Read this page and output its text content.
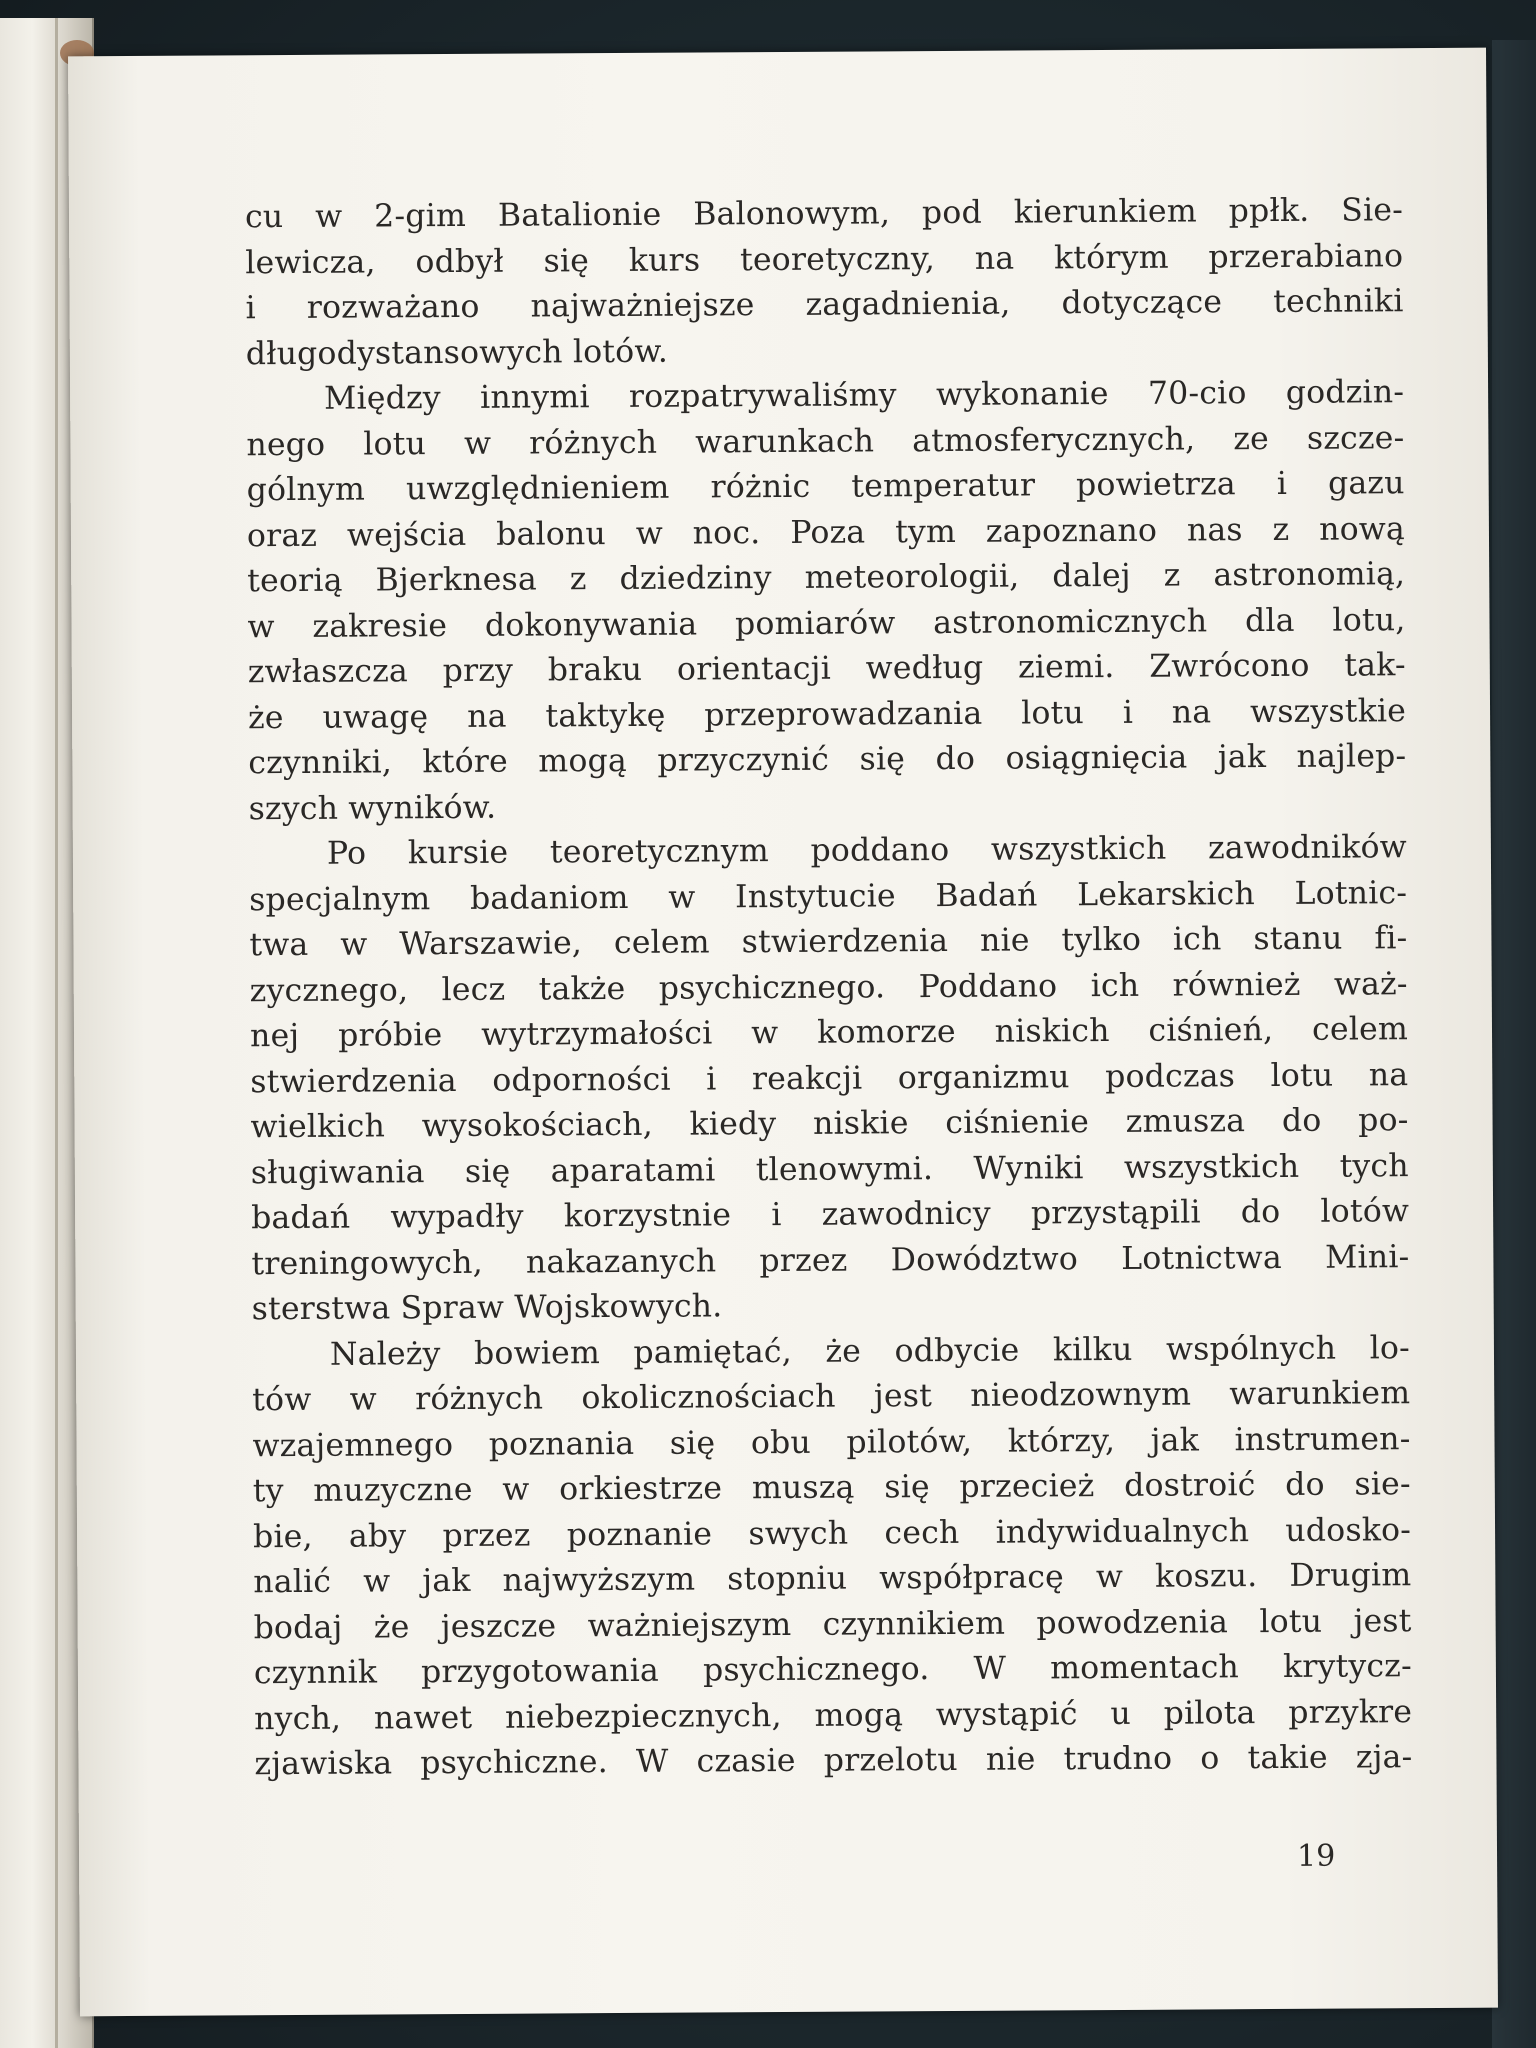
cu w 2-gim Batalionie Balonowym, pod kierunkiem ppłk. Sie-
lewicza, odbył się kurs teoretyczny, na którym przerabiano
i rozważano najważniejsze zagadnienia, dotyczące techniki
długodystansowych lotów.
Między innymi rozpatrywaliśmy wykonanie 70-cio godzin-
nego lotu w różnych warunkach atmosferycznych, ze szcze-
gólnym uwzględnieniem różnic temperatur powietrza i gazu
oraz wejścia balonu w noc. Poza tym zapoznano nas z nową
teorią Bjerknesa z dziedziny meteorologii, dalej z astronomią,
w zakresie dokonywania pomiarów astronomicznych dla lotu,
zwłaszcza przy braku orientacji według ziemi. Zwrócono tak-
że uwagę na taktykę przeprowadzania lotu i na wszystkie
czynniki, które mogą przyczynić się do osiągnięcia jak najlep-
szych wyników.
Po kursie teoretycznym poddano wszystkich zawodników
specjalnym badaniom w Instytucie Badań Lekarskich Lotnic-
twa w Warszawie, celem stwierdzenia nie tylko ich stanu fi-
zycznego, lecz także psychicznego. Poddano ich również waż-
nej próbie wytrzymałości w komorze niskich ciśnień, celem
stwierdzenia odporności i reakcji organizmu podczas lotu na
wielkich wysokościach, kiedy niskie ciśnienie zmusza do po-
sługiwania się aparatami tlenowymi. Wyniki wszystkich tych
badań wypadły korzystnie i zawodnicy przystąpili do lotów
treningowych, nakazanych przez Dowództwo Lotnictwa Mini-
sterstwa Spraw Wojskowych.
Należy bowiem pamiętać, że odbycie kilku wspólnych lo-
tów w różnych okolicznościach jest nieodzownym warunkiem
wzajemnego poznania się obu pilotów, którzy, jak instrumen-
ty muzyczne w orkiestrze muszą się przecież dostroić do sie-
bie, aby przez poznanie swych cech indywidualnych udosko-
nalić w jak najwyższym stopniu współpracę w koszu. Drugim
bodaj że jeszcze ważniejszym czynnikiem powodzenia lotu jest
czynnik przygotowania psychicznego. W momentach krytycz-
nych, nawet niebezpiecznych, mogą wystąpić u pilota przykre
zjawiska psychiczne. W czasie przelotu nie trudno o takie zja-
19
